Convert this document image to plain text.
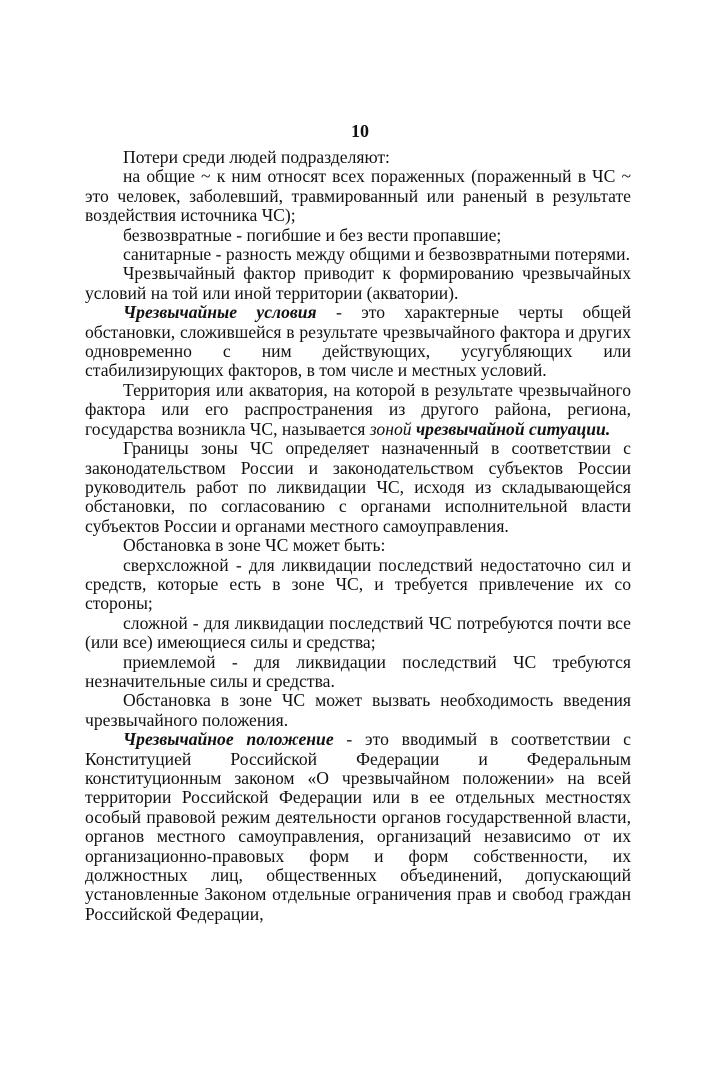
10

Потери среди людей подразделяют:

на общие ~ к ним относят всех пораженных (пораженный в ЧС ~ это человек, заболевший, травмированный или раненый в результате воздействия источника ЧС);

безвозвратные - погибшие и без вести пропавшие;

санитарные - разность между общими и безвозвратными потерями.

Чрезвычайный фактор приводит к формированию чрезвычайных условий на той или иной территории (акватории).

Чрезвычайные условия - это характерные черты общей обстановки, сложившейся в результате чрезвычайного фактора и других одновременно с ним действующих, усугубляющих или стабилизирующих факторов, в том числе и местных условий.

Территория или акватория, на которой в результате чрезвычайного фактора или его распространения из другого района, региона, государства возникла ЧС, называется зоной чрезвычайной ситуации.

Границы зоны ЧС определяет назначенный в соответствии с законодательством России и законодательством субъектов России руководитель работ по ликвидации ЧС, исходя из складывающейся обстановки, по согласованию с органами исполнительной власти субъектов России и органами местного самоуправления.

Обстановка в зоне ЧС может быть:

сверхсложной - для ликвидации последствий недостаточно сил и средств, которые есть в зоне ЧС, и требуется привлечение их со стороны;

сложной - для ликвидации последствий ЧС потребуются почти все (или все) имеющиеся силы и средства;

приемлемой - для ликвидации последствий ЧС требуются незначительные силы и средства.

Обстановка в зоне ЧС может вызвать необходимость введения чрезвычайного положения.

Чрезвычайное положение - это вводимый в соответствии с Конституцией Российской Федерации и Федеральным конституционным законом «О чрезвычайном положении» на всей территории Российской Федерации или в ее отдельных местностях особый правовой режим деятельности органов государственной власти, органов местного самоуправления, организаций независимо от их организационно-правовых форм и форм собственности, их должностных лиц, общественных объединений, допускающий установленные Законом отдельные ограничения прав и свобод граждан Российской Федерации,
